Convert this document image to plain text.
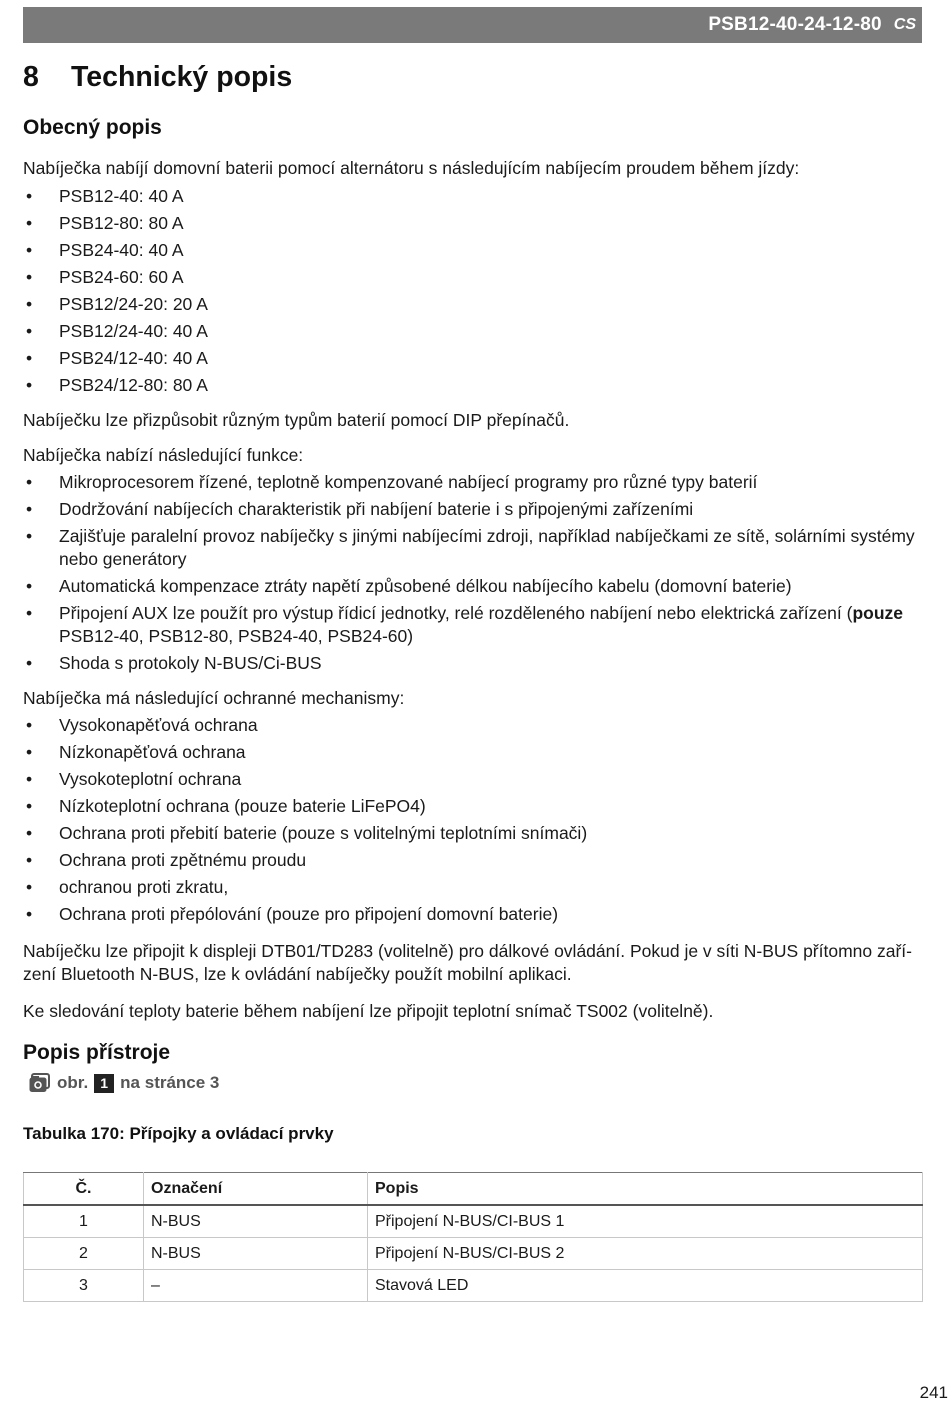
PSB12-40-24-12-80 CS
8 Technický popis
Obecný popis

Nabíječka nabíjí domovní baterii pomocí alternátoru s následujícím nabíjecím proudem během jízdy:

• PSB12-40: 40 A
• PSB12-80: 80 A
• PSB24-40: 40 A
• PSB24-60: 60 A
• PSB12/24-20: 20 A
• PSB12/24-40: 40 A
• PSB24/12-40: 40 A
• PSB24/12-80: 80 A

Nabíječku lze přizpůsobit různým typům baterií pomocí DIP přepínačů.

Nabíječka nabízí následující funkce:

• Mikroprocesorem řízené, teplotně kompenzované nabíjecí programy pro různé typy baterií
• Dodržování nabíjecích charakteristik při nabíjení baterie i s připojenými zařízeními
• Zajišťuje paralelní provoz nabíječky s jinými nabíjecími zdroji, například nabíječkami ze sítě, solárními systémy nebo generátory
• Automatická kompenzace ztráty napětí způsobené délkou nabíjecího kabelu (domovní baterie)
• Připojení AUX lze použít pro výstup řídicí jednotky, relé rozděleného nabíjení nebo elektrická zařízení (pouze PSB12-40, PSB12-80, PSB24-40, PSB24-60)
• Shoda s protokoly N-BUS/Ci-BUS

Nabíječka má následující ochranné mechanismy:

• Vysokonapěťová ochrana
• Nízkonapěťová ochrana
• Vysokoteplotní ochrana
• Nízkoteplotní ochrana (pouze baterie LiFePO4)
• Ochrana proti přebití baterie (pouze s volitelnými teplotními snímači)
• Ochrana proti zpětnému proudu
• ochranou proti zkratu,
• Ochrana proti přepólování (pouze pro připojení domovní baterie)

Nabíječku lze připojit k displeji DTB01/TD283 (volitelně) pro dálkové ovládání. Pokud je v síti N-BUS přítomno zaří-
zení Bluetooth N-BUS, lze k ovládání nabíječky použít mobilní aplikaci.

Ke sledování teploty baterie během nabíjení lze připojit teplotní snímač TS002 (volitelně).

Popis přístroje
obr. 1 na stránce 3
Tabulka 170: Přípojky a ovládací prvky
Č.	Označení	Popis
1	N-BUS	Připojení N-BUS/CI-BUS 1
2	N-BUS	Připojení N-BUS/CI-BUS 2
3	–	Stavová LED
241
